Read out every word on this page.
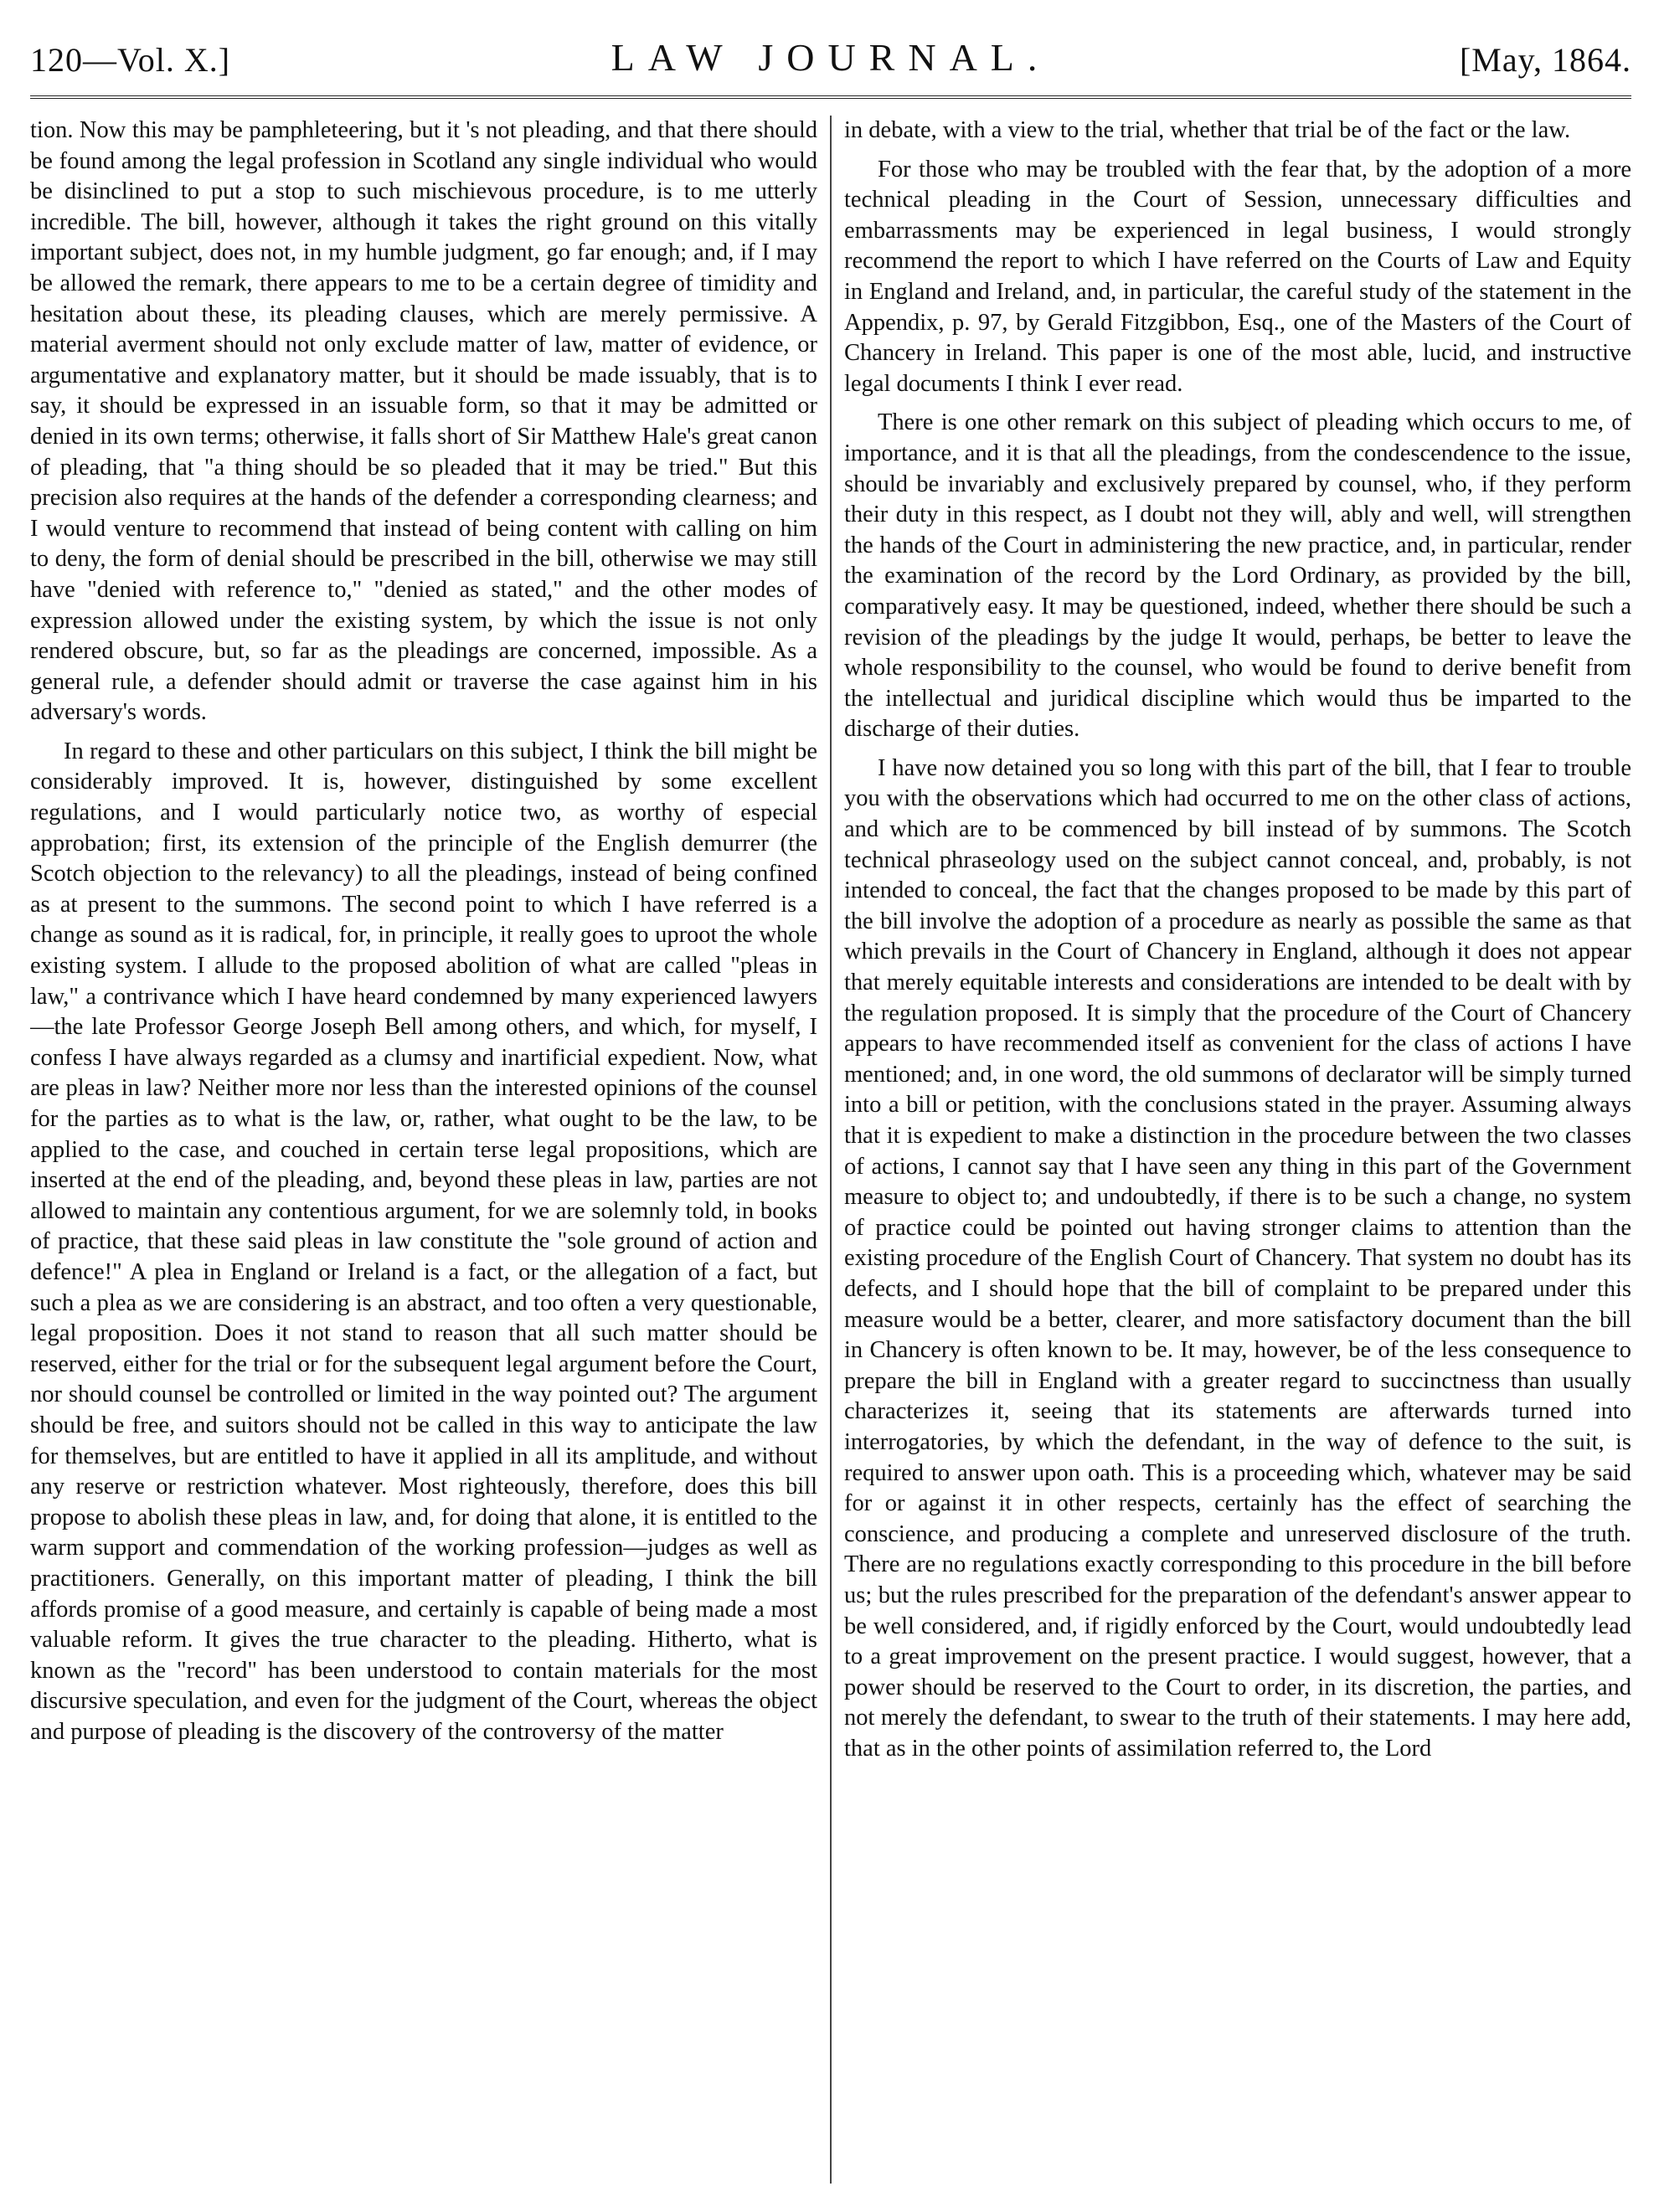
120—Vol. X.]	LAW JOURNAL.	[May, 1864.

tion. Now this may be pamphleteering, but it 's not pleading, and that there should be found among the legal profession in Scotland any single individual who would be disinclined to put a stop to such mischievous procedure, is to me utterly incredible. The bill, however, although it takes the right ground on this vitally important subject, does not, in my humble judgment, go far enough; and, if I may be allowed the remark, there appears to me to be a certain degree of timidity and hesitation about these, its pleading clauses, which are merely permissive. A material averment should not only exclude matter of law, matter of evidence, or argumentative and explanatory matter, but it should be made issuably, that is to say, it should be expressed in an issuable form, so that it may be admitted or denied in its own terms; otherwise, it falls short of Sir Matthew Hale's great canon of pleading, that "a thing should be so pleaded that it may be tried." But this precision also requires at the hands of the defender a corresponding clearness; and I would venture to recommend that instead of being content with calling on him to deny, the form of denial should be prescribed in the bill, otherwise we may still have "denied with reference to," "denied as stated," and the other modes of expression allowed under the existing system, by which the issue is not only rendered obscure, but, so far as the pleadings are concerned, impossible. As a general rule, a defender should admit or traverse the case against him in his adversary's words.

In regard to these and other particulars on this subject, I think the bill might be considerably improved. It is, however, distinguished by some excellent regulations, and I would particularly notice two, as worthy of especial approbation; first, its extension of the principle of the English demurrer (the Scotch objection to the relevancy) to all the pleadings, instead of being confined as at present to the summons. The second point to which I have referred is a change as sound as it is radical, for, in principle, it really goes to uproot the whole existing system. I allude to the proposed abolition of what are called "pleas in law," a contrivance which I have heard condemned by many experienced lawyers—the late Professor George Joseph Bell among others, and which, for myself, I confess I have always regarded as a clumsy and inartificial expedient. Now, what are pleas in law? Neither more nor less than the interested opinions of the counsel for the parties as to what is the law, or, rather, what ought to be the law, to be applied to the case, and couched in certain terse legal propositions, which are inserted at the end of the pleading, and, beyond these pleas in law, parties are not allowed to maintain any contentious argument, for we are solemnly told, in books of practice, that these said pleas in law constitute the "sole ground of action and defence!" A plea in England or Ireland is a fact, or the allegation of a fact, but such a plea as we are considering is an abstract, and too often a very questionable, legal proposition. Does it not stand to reason that all such matter should be reserved, either for the trial or for the subsequent legal argument before the Court, nor should counsel be controlled or limited in the way pointed out? The argument should be free, and suitors should not be called in this way to anticipate the law for themselves, but are entitled to have it applied in all its amplitude, and without any reserve or restriction whatever. Most righteously, therefore, does this bill propose to abolish these pleas in law, and, for doing that alone, it is entitled to the warm support and commendation of the working profession—judges as well as practitioners. Generally, on this important matter of pleading, I think the bill affords promise of a good measure, and certainly is capable of being made a most valuable reform. It gives the true character to the pleading. Hitherto, what is known as the "record" has been understood to contain materials for the most discursive speculation, and even for the judgment of the Court, whereas the object and purpose of pleading is the discovery of the controversy of the matter

in debate, with a view to the trial, whether that trial be of the fact or the law.

For those who may be troubled with the fear that, by the adoption of a more technical pleading in the Court of Session, unnecessary difficulties and embarrassments may be experienced in legal business, I would strongly recommend the report to which I have referred on the Courts of Law and Equity in England and Ireland, and, in particular, the careful study of the statement in the Appendix, p. 97, by Gerald Fitzgibbon, Esq., one of the Masters of the Court of Chancery in Ireland. This paper is one of the most able, lucid, and instructive legal documents I think I ever read.

There is one other remark on this subject of pleading which occurs to me, of importance, and it is that all the pleadings, from the condescendence to the issue, should be invariably and exclusively prepared by counsel, who, if they perform their duty in this respect, as I doubt not they will, ably and well, will strengthen the hands of the Court in administering the new practice, and, in particular, render the examination of the record by the Lord Ordinary, as provided by the bill, comparatively easy. It may be questioned, indeed, whether there should be such a revision of the pleadings by the judge It would, perhaps, be better to leave the whole responsibility to the counsel, who would be found to derive benefit from the intellectual and juridical discipline which would thus be imparted to the discharge of their duties.

I have now detained you so long with this part of the bill, that I fear to trouble you with the observations which had occurred to me on the other class of actions, and which are to be commenced by bill instead of by summons. The Scotch technical phraseology used on the subject cannot conceal, and, probably, is not intended to conceal, the fact that the changes proposed to be made by this part of the bill involve the adoption of a procedure as nearly as possible the same as that which prevails in the Court of Chancery in England, although it does not appear that merely equitable interests and considerations are intended to be dealt with by the regulation proposed. It is simply that the procedure of the Court of Chancery appears to have recommended itself as convenient for the class of actions I have mentioned; and, in one word, the old summons of declarator will be simply turned into a bill or petition, with the conclusions stated in the prayer. Assuming always that it is expedient to make a distinction in the procedure between the two classes of actions, I cannot say that I have seen any thing in this part of the Government measure to object to; and undoubtedly, if there is to be such a change, no system of practice could be pointed out having stronger claims to attention than the existing procedure of the English Court of Chancery. That system no doubt has its defects, and I should hope that the bill of complaint to be prepared under this measure would be a better, clearer, and more satisfactory document than the bill in Chancery is often known to be. It may, however, be of the less consequence to prepare the bill in England with a greater regard to succinctness than usually characterizes it, seeing that its statements are afterwards turned into interrogatories, by which the defendant, in the way of defence to the suit, is required to answer upon oath. This is a proceeding which, whatever may be said for or against it in other respects, certainly has the effect of searching the conscience, and producing a complete and unreserved disclosure of the truth. There are no regulations exactly corresponding to this procedure in the bill before us; but the rules prescribed for the preparation of the defendant's answer appear to be well considered, and, if rigidly enforced by the Court, would undoubtedly lead to a great improvement on the present practice. I would suggest, however, that a power should be reserved to the Court to order, in its discretion, the parties, and not merely the defendant, to swear to the truth of their statements. I may here add, that as in the other points of assimilation referred to, the Lord
